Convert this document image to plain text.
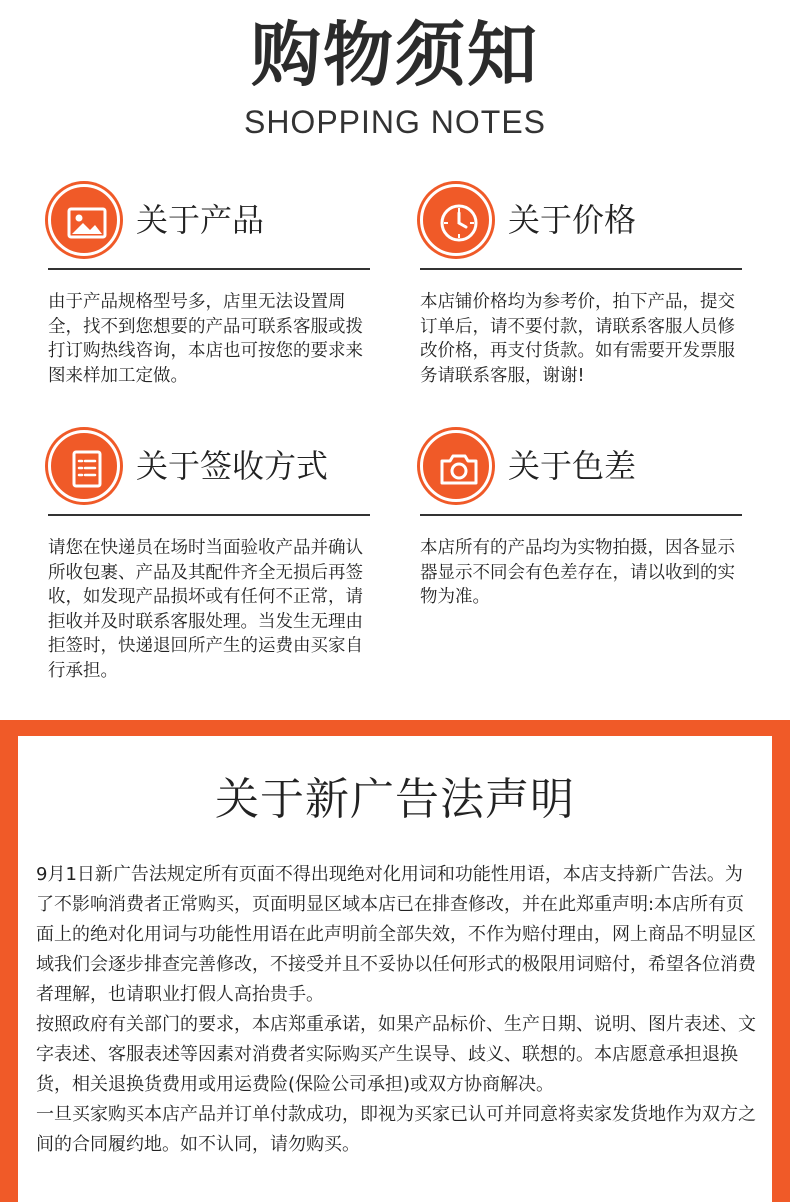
购物须知
SHOPPING NOTES
关于产品
由于产品规格型号多，店里无法设置周全，找不到您想要的产品可联系客服或拨打订购热线咨询，本店也可按您的要求来图来样加工定做。
关于价格
本店铺价格均为参考价，拍下产品，提交订单后，请不要付款，请联系客服人员修改价格，再支付货款。如有需要开发票服务请联系客服，谢谢!
关于签收方式
请您在快递员在场时当面验收产品并确认所收包裹、产品及其配件齐全无损后再签收，如发现产品损坏或有任何不正常，请拒收并及时联系客服处理。当发生无理由拒签时，快递退回所产生的运费由买家自行承担。
关于色差
本店所有的产品均为实物拍摄，因各显示器显示不同会有色差存在，请以收到的实物为准。
关于新广告法声明

9月1日新广告法规定所有页面不得出现绝对化用词和功能性用语，本店支持新广告法。为了不影响消费者正常购买，页面明显区域本店已在排查修改，并在此郑重声明:本店所有页面上的绝对化用词与功能性用语在此声明前全部失效，不作为赔付理由，网上商品不明显区域我们会逐步排查完善修改，不接受并且不妥协以任何形式的极限用词赔付，希望各位消费者理解，也请职业打假人高抬贵手。

按照政府有关部门的要求，本店郑重承诺，如果产品标价、生产日期、说明、图片表述、文字表述、客服表述等因素对消费者实际购买产生误导、歧义、联想的。本店愿意承担退换货，相关退换货费用或用运费险(保险公司承担)或双方协商解决。

一旦买家购买本店产品并订单付款成功，即视为买家已认可并同意将卖家发货地作为双方之间的合同履约地。如不认同，请勿购买。
